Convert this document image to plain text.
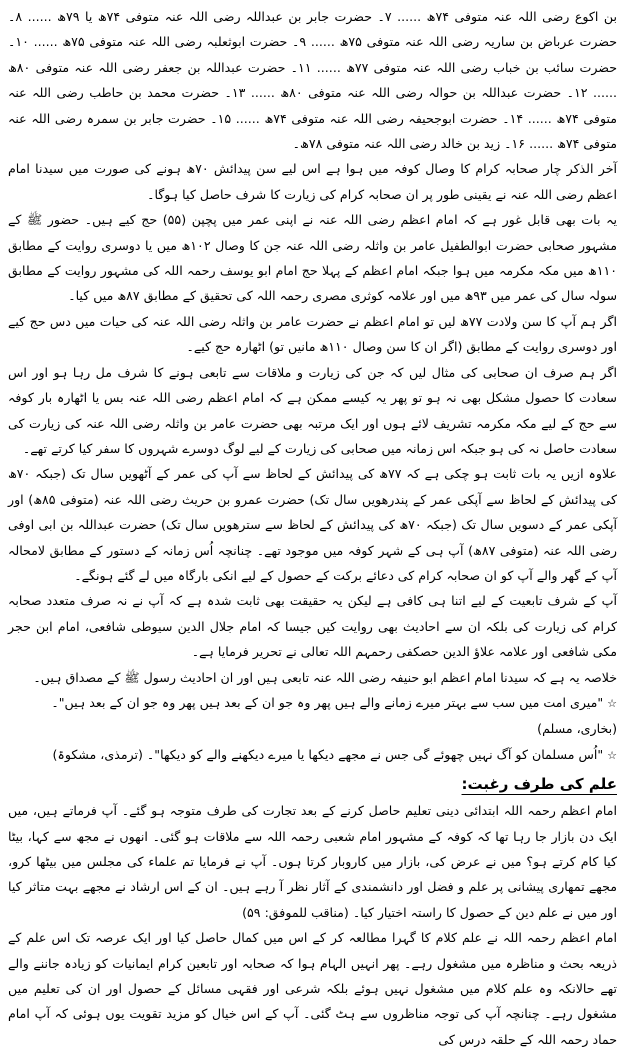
بن اکوع رضی اللہ عنہ متوفی ۷۴ھ ...... ۷۔ حضرت جابر بن عبداللہ رضی اللہ عنہ متوفی ۷۴ھ یا ۷۹ھ ...... ۸۔ حضرت عرباض بن ساریہ رضی اللہ عنہ متوفی ۷۵ھ ...... ۹۔ حضرت ابوثعلبہ رضی اللہ عنہ متوفی ۷۵ھ ...... ۱۰۔ حضرت سائب بن خباب رضی اللہ عنہ متوفی ۷۷ھ ...... ۱۱۔ حضرت عبداللہ بن جعفر رضی اللہ عنہ متوفی ۸۰ھ ...... ۱۲۔ حضرت عبداللہ بن حوالہ رضی اللہ عنہ متوفی ۸۰ھ ...... ۱۳۔ حضرت محمد بن حاطب رضی اللہ عنہ متوفی ۷۴ھ ...... ۱۴۔ حضرت ابوجحیفہ رضی اللہ عنہ متوفی ۷۴ھ ...... ۱۵۔ حضرت جابر بن سمرہ رضی اللہ عنہ متوفی ۷۴ھ ...... ۱۶۔ زید بن خالد رضی اللہ عنہ متوفی ۷۸ھ۔

آخر الذکر چار صحابہ کرام کا وصال کوفہ میں ہوا ہے اس لیے سن پیدائش ۷۰ھ ہونے کی صورت میں سیدنا امام اعظم رضی اللہ عنہ نے یقینی طور پر ان صحابہ کرام کی زیارت کا شرف حاصل کیا ہوگا۔

یہ بات بھی قابل غور ہے کہ امام اعظم رضی اللہ عنہ نے اپنی عمر میں پچپن (۵۵) حج کیے ہیں۔ حضور ﷺ کے مشہور صحابی حضرت ابوالطفیل عامر بن واثلہ رضی اللہ عنہ جن کا وصال ۱۰۲ھ میں یا دوسری روایت کے مطابق ۱۱۰ھ میں مکہ مکرمہ میں ہوا جبکہ امام اعظم کے پہلا حج امام ابو یوسف رحمہ اللہ کی مشہور روایت کے مطابق سولہ سال کی عمر میں ۹۳ھ میں اور علامہ کوثری مصری رحمہ اللہ کی تحقیق کے مطابق ۸۷ھ میں کیا۔

اگر ہم آپ کا سن ولادت ۷۷ھ لیں تو امام اعظم نے حضرت عامر بن واثلہ رضی اللہ عنہ کی حیات میں دس حج کیے اور دوسری روایت کے مطابق (اگر ان کا سن وصال ۱۱۰ھ مانیں تو) اٹھارہ حج کیے۔

اگر ہم صرف ان صحابی کی مثال لیں کہ جن کی زیارت و ملاقات سے تابعی ہونے کا شرف مل رہا ہو اور اس سعادت کا حصول مشکل بھی نہ ہو تو پھر یہ کیسے ممکن ہے کہ امام اعظم رضی اللہ عنہ بس یا اٹھارہ بار کوفہ سے حج کے لیے مکہ مکرمہ تشریف لائے ہوں اور ایک مرتبہ بھی حضرت عامر بن واثلہ رضی اللہ عنہ کی زیارت کی سعادت حاصل نہ کی ہو جبکہ اس زمانہ میں صحابی کی زیارت کے لیے لوگ دوسرے شہروں کا سفر کیا کرتے تھے۔

علاوہ ازیں یہ بات ثابت ہو چکی ہے کہ ۷۷ھ کی پیدائش کے لحاظ سے آپ کی عمر کے آٹھویں سال تک (جبکہ ۷۰ھ کی پیدائش کے لحاظ سے آپکی عمر کے پندرھویں سال تک) حضرت عمرو بن حریث رضی اللہ عنہ (متوفی ۸۵ھ) اور آپکی عمر کے دسویں سال تک (جبکہ ۷۰ھ کی پیدائش کے لحاظ سے سترھویں سال تک) حضرت عبداللہ بن ابی اوفی رضی اللہ عنہ (متوفی ۸۷ھ) آپ ہی کے شہر کوفہ میں موجود تھے۔ چنانچہ اُس زمانہ کے دستور کے مطابق لامحالہ آپ کے گھر والے آپ کو ان صحابہ کرام کی دعائے برکت کے حصول کے لیے انکی بارگاہ میں لے گئے ہونگے۔

آپ کے شرف تابعیت کے لیے اتنا ہی کافی ہے لیکن یہ حقیقت بھی ثابت شدہ ہے کہ آپ نے نہ صرف متعدد صحابہ کرام کی زیارت کی بلکہ ان سے احادیث بھی روایت کیں جیسا کہ امام جلال الدین سیوطی شافعی، امام ابن حجر مکی شافعی اور علامہ علاؤ الدین حصکفی رحمہم اللہ تعالی نے تحریر فرمایا ہے۔

خلاصہ یہ ہے کہ سیدنا امام اعظم ابو حنیفہ رضی اللہ عنہ تابعی ہیں اور ان احادیث رسول ﷺ کے مصداق ہیں۔

☆"میری امت میں سب سے بہتر میرے زمانے والے ہیں پھر وہ جو ان کے بعد ہیں پھر وہ جو ان کے بعد ہیں"۔ (بخاری، مسلم)

☆"اُس مسلمان کو آگ نہیں چھوئے گی جس نے مجھے دیکھا یا میرے دیکھنے والے کو دیکھا"۔ (ترمذی، مشکوۃ)

علم کی طرف رغبت:

امام اعظم رحمہ اللہ ابتدائی دینی تعلیم حاصل کرنے کے بعد تجارت کی طرف متوجہ ہو گئے۔ آپ فرماتے ہیں، میں ایک دن بازار جا رہا تھا کہ کوفہ کے مشہور امام شعبی رحمہ اللہ سے ملاقات ہو گئی۔ انھوں نے مجھ سے کہا، بیٹا کیا کام کرتے ہو؟ میں نے عرض کی، بازار میں کاروبار کرتا ہوں۔ آپ نے فرمایا تم علماء کی مجلس میں بیٹھا کرو، مجھے تمھاری پیشانی پر علم و فضل اور دانشمندی کے آثار نظر آ رہے ہیں۔ ان کے اس ارشاد نے مجھے بہت متاثر کیا اور میں نے علم دین کے حصول کا راستہ اختیار کیا۔ (مناقب للموفق: ۵۹)

امام اعظم رحمہ اللہ نے علم کلام کا گہرا مطالعہ کر کے اس میں کمال حاصل کیا اور ایک عرصہ تک اس علم کے ذریعہ بحث و مناظرہ میں مشغول رہے۔ پھر انہیں الہام ہوا کہ صحابہ اور تابعین کرام ایمانیات کو زیادہ جاننے والے تھے حالانکہ وہ علم کلام میں مشغول نہیں ہوئے بلکہ شرعی اور فقہی مسائل کے حصول اور ان کی تعلیم میں مشغول رہے۔ چنانچہ آپ کی توجہ مناظروں سے ہٹ گئی۔ آپ کے اس خیال کو مزید تقویت یوں ہوئی کہ آپ امام حماد رحمہ اللہ کے حلقہ درس کی
